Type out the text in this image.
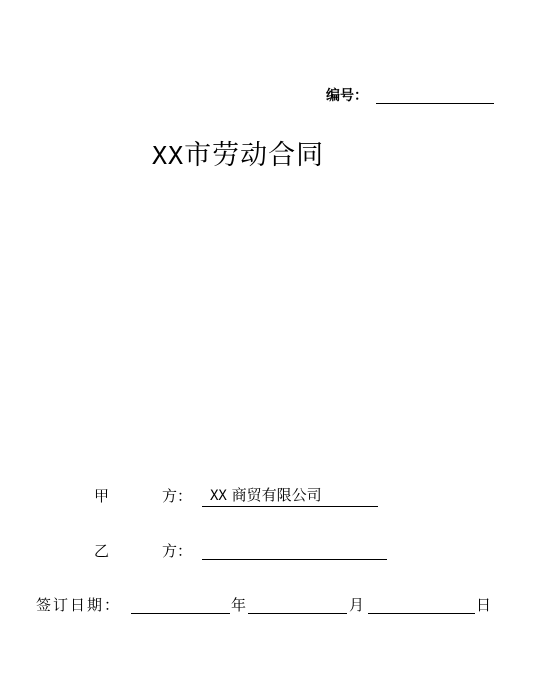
编号：
XX市劳动合同
甲	方：	XX 商贸有限公司
乙	方：
签订日期：	年	月	日
